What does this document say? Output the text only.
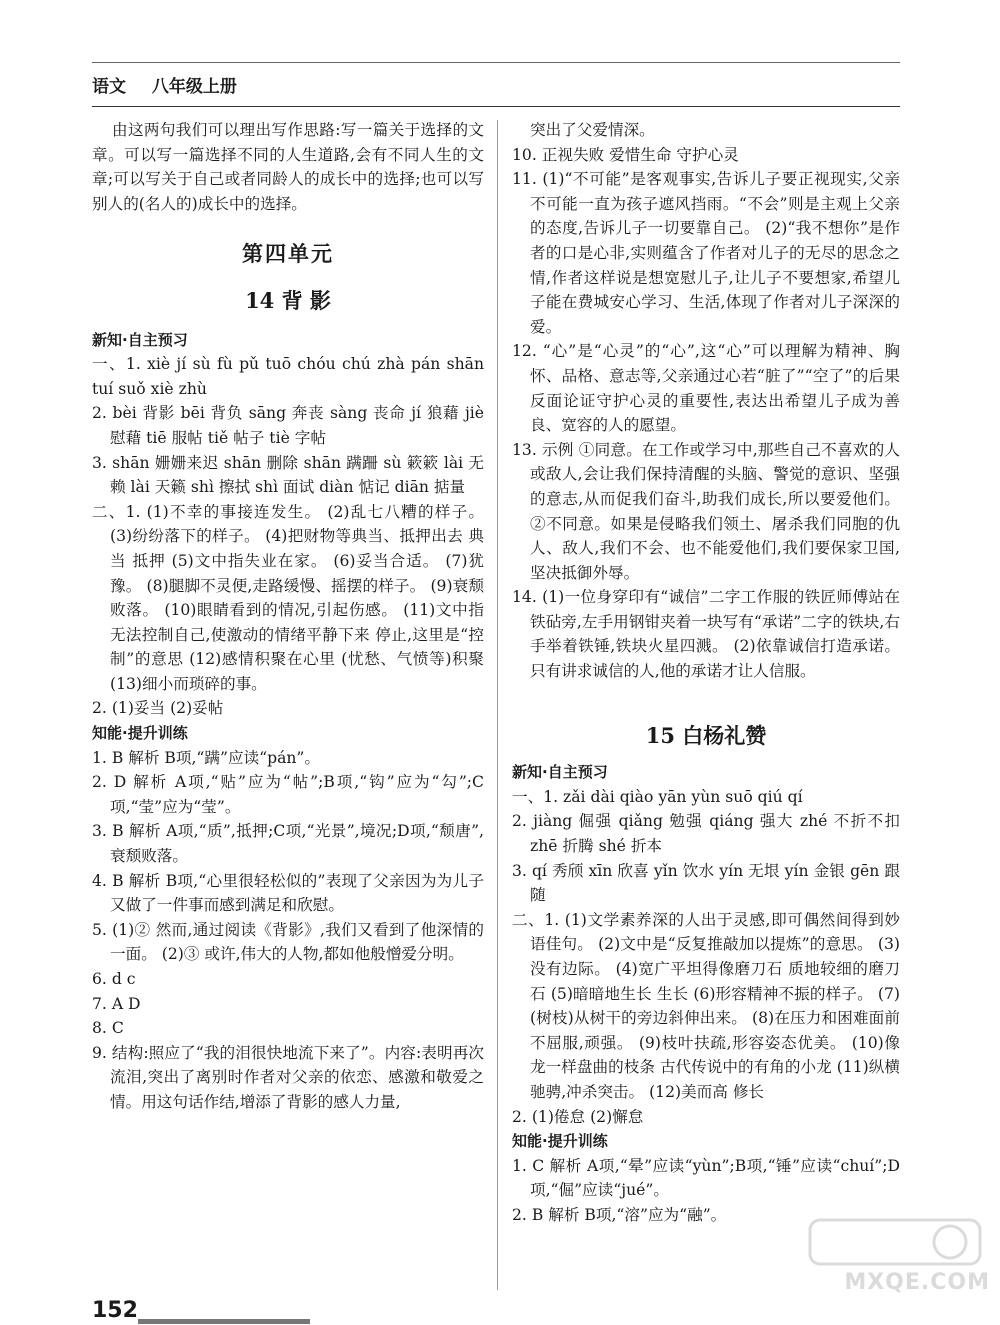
语文 八年级上册

由这两句我们可以理出写作思路:写一篇关于选择的文章。可以写一篇选择不同的人生道路,会有不同人生的文章;可以写关于自己或者同龄人的成长中的选择;也可以写别人的(名人的)成长中的选择。

第四单元
14 背 影
新知·自主预习

一、1. xiè jí sù fù pǔ tuō chóu chú zhà pán shān tuí suǒ xiè zhù

2. bèi 背影 bēi 背负 sāng 奔丧 sàng 丧命 jí 狼藉 jiè 慰藉 tiē 服帖 tiě 帖子 tiè 字帖

3. shān 姗姗来迟 shān 删除 shān 蹒跚 sù 簌簌 lài 无赖 lài 天籁 shì 擦拭 shì 面试 diàn 惦记 diān 掂量

二、1. (1)不幸的事接连发生。 (2)乱七八糟的样子。 (3)纷纷落下的样子。 (4)把财物等典当、抵押出去 典当 抵押 (5)文中指失业在家。 (6)妥当合适。 (7)犹豫。 (8)腿脚不灵便,走路缓慢、摇摆的样子。 (9)衰颓败落。 (10)眼睛看到的情况,引起伤感。 (11)文中指无法控制自己,使激动的情绪平静下来 停止,这里是“控制”的意思 (12)感情积聚在心里 (忧愁、气愤等)积聚 (13)细小而琐碎的事。

2. (1)妥当 (2)妥帖

知能·提升训练

1. B 解析 B项,“蹒”应读“pán”。

2. D 解析 A项,“贴”应为“帖”;B项,“钩”应为“勾”;C项,“莹”应为“莹”。

3. B 解析 A项,“质”,抵押;C项,“光景”,境况;D项,“颓唐”,衰颓败落。

4. B 解析 B项,“心里很轻松似的”表现了父亲因为为儿子又做了一件事而感到满足和欣慰。

5. (1)② 然而,通过阅读《背影》,我们又看到了他深情的一面。 (2)③ 或许,伟大的人物,都如他般憎爱分明。

6. d c

7. A D

8. C

9. 结构:照应了“我的泪很快地流下来了”。内容:表明再次流泪,突出了离别时作者对父亲的依恋、感激和敬爱之情。用这句话作结,增添了背影的感人力量,

突出了父爱情深。

10. 正视失败 爱惜生命 守护心灵

11. (1)“不可能”是客观事实,告诉儿子要正视现实,父亲不可能一直为孩子遮风挡雨。“不会”则是主观上父亲的态度,告诉儿子一切要靠自己。 (2)“我不想你”是作者的口是心非,实则蕴含了作者对儿子的无尽的思念之情,作者这样说是想宽慰儿子,让儿子不要想家,希望儿子能在费城安心学习、生活,体现了作者对儿子深深的爱。

12. “心”是“心灵”的“心”,这“心”可以理解为精神、胸怀、品格、意志等,父亲通过心若“脏了”“空了”的后果反面论证守护心灵的重要性,表达出希望儿子成为善良、宽容的人的愿望。

13. 示例 ①同意。在工作或学习中,那些自己不喜欢的人或敌人,会让我们保持清醒的头脑、警觉的意识、坚强的意志,从而促我们奋斗,助我们成长,所以要爱他们。②不同意。如果是侵略我们领土、屠杀我们同胞的仇人、敌人,我们不会、也不能爱他们,我们要保家卫国,坚决抵御外辱。

14. (1)一位身穿印有“诚信”二字工作服的铁匠师傅站在铁砧旁,左手用钢钳夹着一块写有“承诺”二字的铁块,右手举着铁锤,铁块火星四溅。 (2)依靠诚信打造承诺。只有讲求诚信的人,他的承诺才让人信服。

15 白杨礼赞
新知·自主预习

一、1. zǎi dài qiào yān yùn suō qiú qí

2. jiàng 倔强 qiǎng 勉强 qiáng 强大 zhé 不折不扣 zhē 折腾 shé 折本

3. qí 秀颀 xīn 欣喜 yǐn 饮水 yín 无垠 yín 金银 gēn 跟随

二、1. (1)文学素养深的人出于灵感,即可偶然间得到妙语佳句。 (2)文中是“反复推敲加以提炼”的意思。 (3)没有边际。 (4)宽广平坦得像磨刀石 质地较细的磨刀石 (5)暗暗地生长 生长 (6)形容精神不振的样子。 (7)(树枝)从树干的旁边斜伸出来。 (8)在压力和困难面前不屈服,顽强。 (9)枝叶扶疏,形容姿态优美。 (10)像龙一样盘曲的枝条 古代传说中的有角的小龙 (11)纵横驰骋,冲杀突击。 (12)美而高 修长

2. (1)倦怠 (2)懈怠

知能·提升训练

1. C 解析 A项,“晕”应读“yùn”;B项,“锤”应读“chuí”;D项,“倔”应读“jué”。

2. B 解析 B项,“溶”应为“融”。

MXQE.COM
152
